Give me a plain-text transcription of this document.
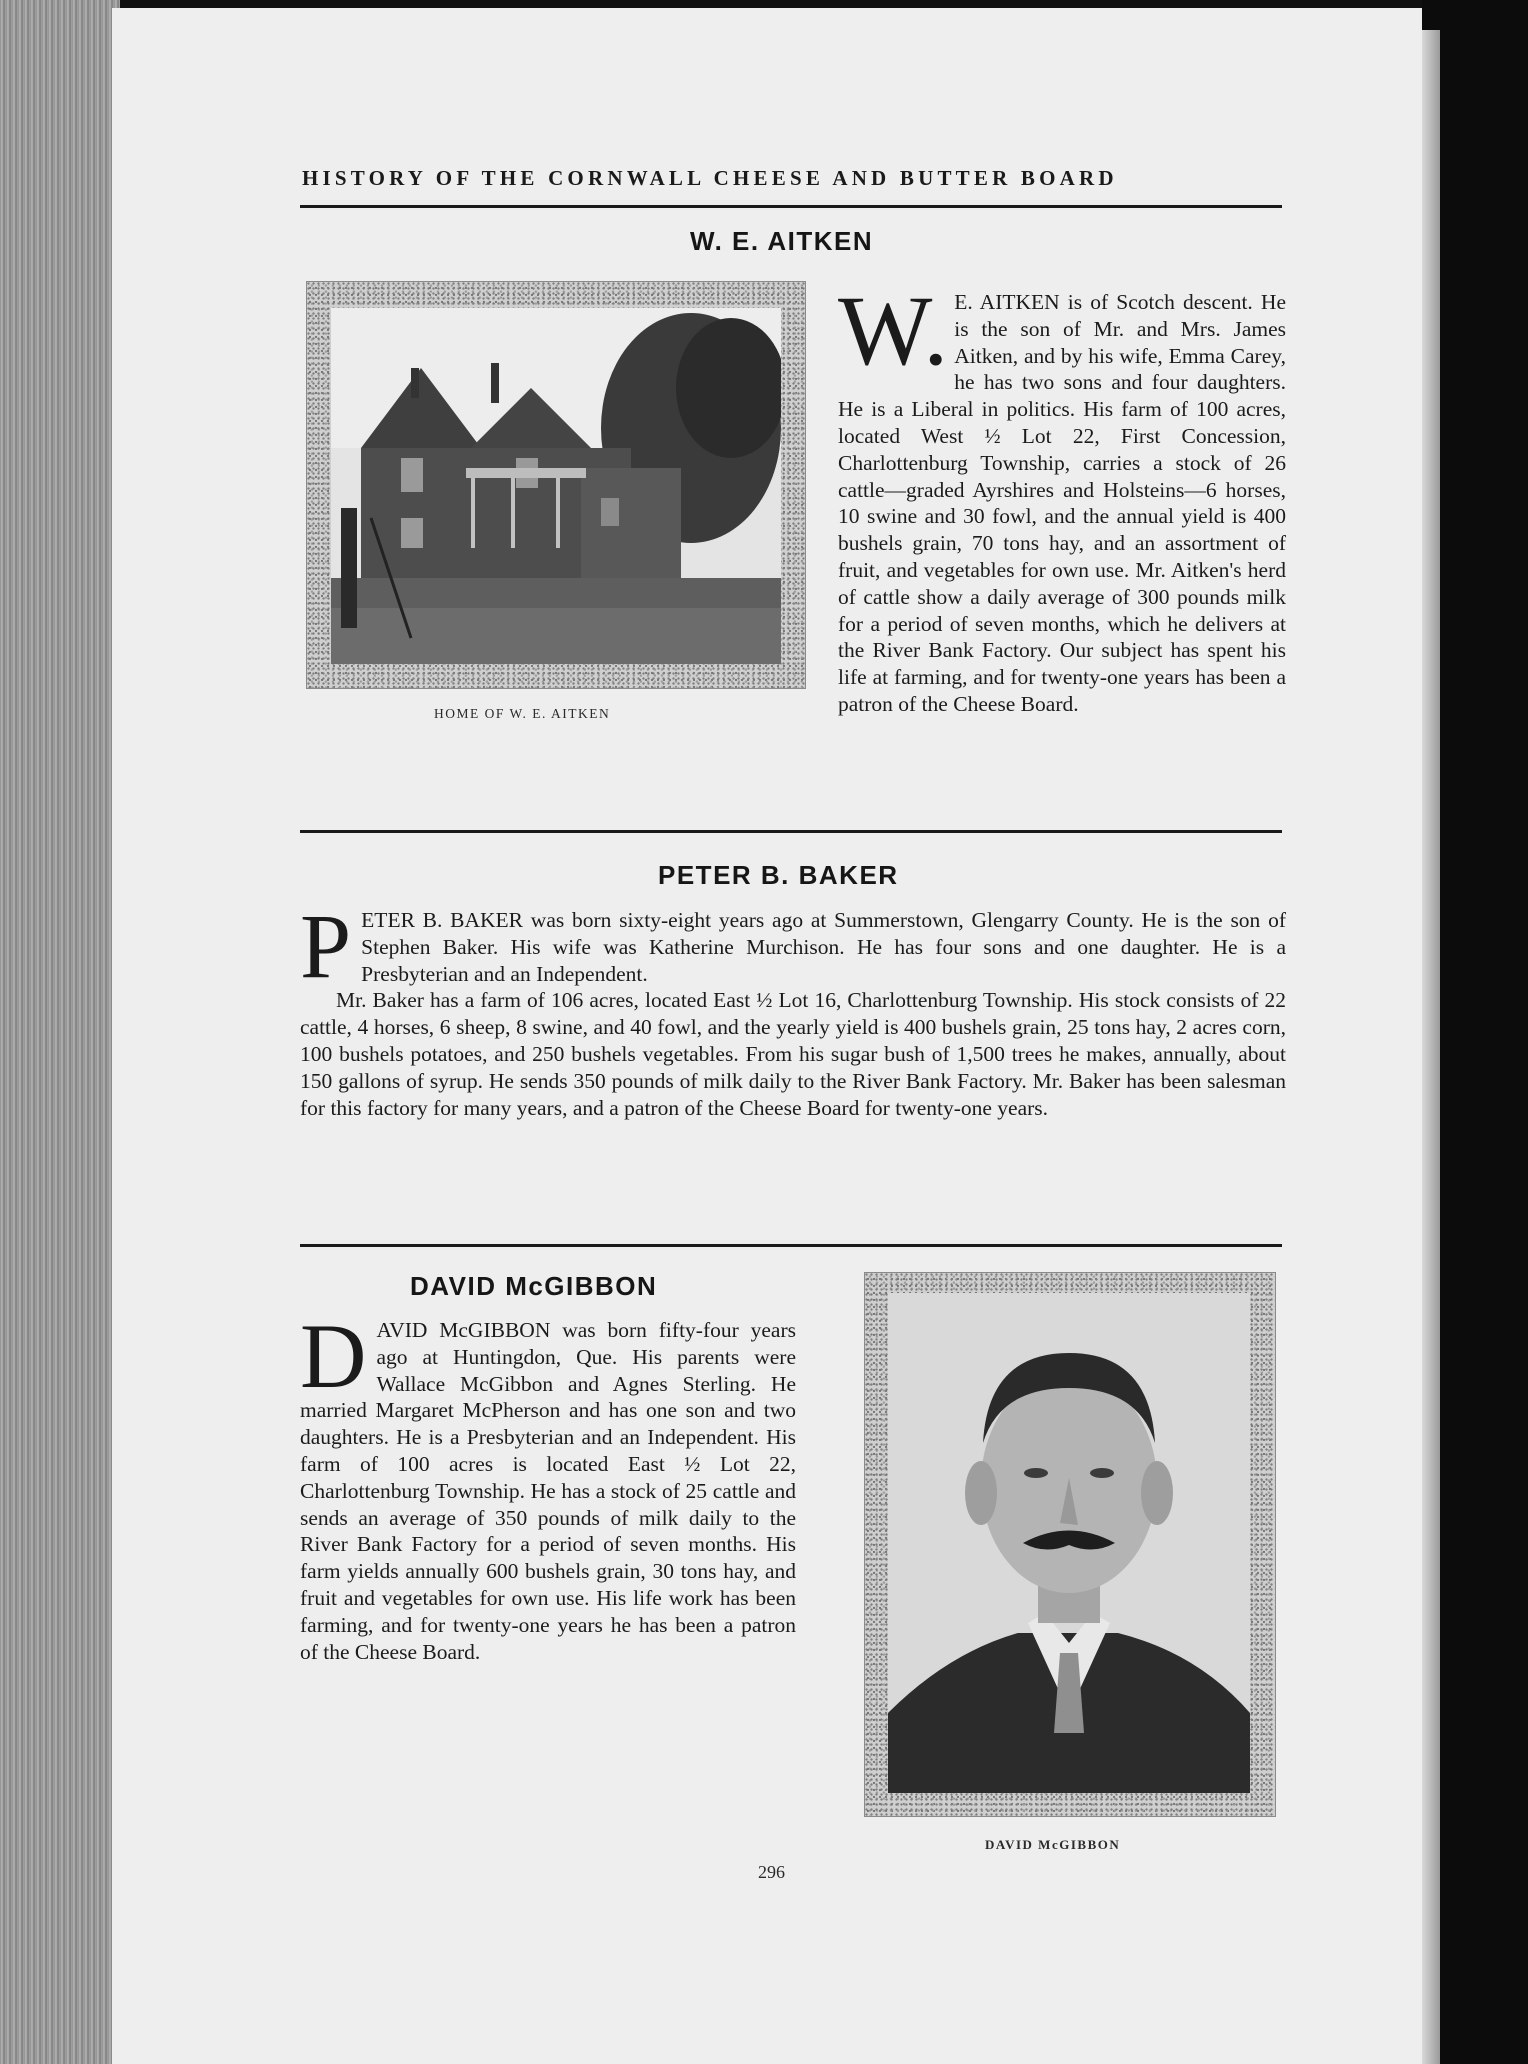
HISTORY OF THE CORNWALL CHEESE AND BUTTER BOARD
W. E. AITKEN
HOME OF W. E. AITKEN

W. E. AITKEN is of Scotch descent. He is the son of Mr. and Mrs. James Aitken, and by his wife, Emma Carey, he has two sons and four daughters. He is a Liberal in politics. His farm of 100 acres, located West ½ Lot 22, First Concession, Charlottenburg Township, carries a stock of 26 cattle—graded Ayrshires and Holsteins—6 horses, 10 swine and 30 fowl, and the annual yield is 400 bushels grain, 70 tons hay, and an assortment of fruit, and vegetables for own use. Mr. Aitken's herd of cattle show a daily average of 300 pounds milk for a period of seven months, which he delivers at the River Bank Factory. Our subject has spent his life at farming, and for twenty-one years has been a patron of the Cheese Board.

PETER B. BAKER

PETER B. BAKER was born sixty-eight years ago at Summerstown, Glengarry County. He is the son of Stephen Baker. His wife was Katherine Murchison. He has four sons and one daughter. He is a Presbyterian and an Independent.

Mr. Baker has a farm of 106 acres, located East ½ Lot 16, Charlottenburg Township. His stock consists of 22 cattle, 4 horses, 6 sheep, 8 swine, and 40 fowl, and the yearly yield is 400 bushels grain, 25 tons hay, 2 acres corn, 100 bushels potatoes, and 250 bushels vegetables. From his sugar bush of 1,500 trees he makes, annually, about 150 gallons of syrup. He sends 350 pounds of milk daily to the River Bank Factory. Mr. Baker has been salesman for this factory for many years, and a patron of the Cheese Board for twenty-one years.

DAVID McGIBBON

DAVID McGIBBON was born fifty-four years ago at Huntingdon, Que. His parents were Wallace McGibbon and Agnes Sterling. He married Margaret McPherson and has one son and two daughters. He is a Presbyterian and an Independent. His farm of 100 acres is located East ½ Lot 22, Charlottenburg Township. He has a stock of 25 cattle and sends an average of 350 pounds of milk daily to the River Bank Factory for a period of seven months. His farm yields annually 600 bushels grain, 30 tons hay, and fruit and vegetables for own use. His life work has been farming, and for twenty-one years he has been a patron of the Cheese Board.

DAVID McGIBBON
296
